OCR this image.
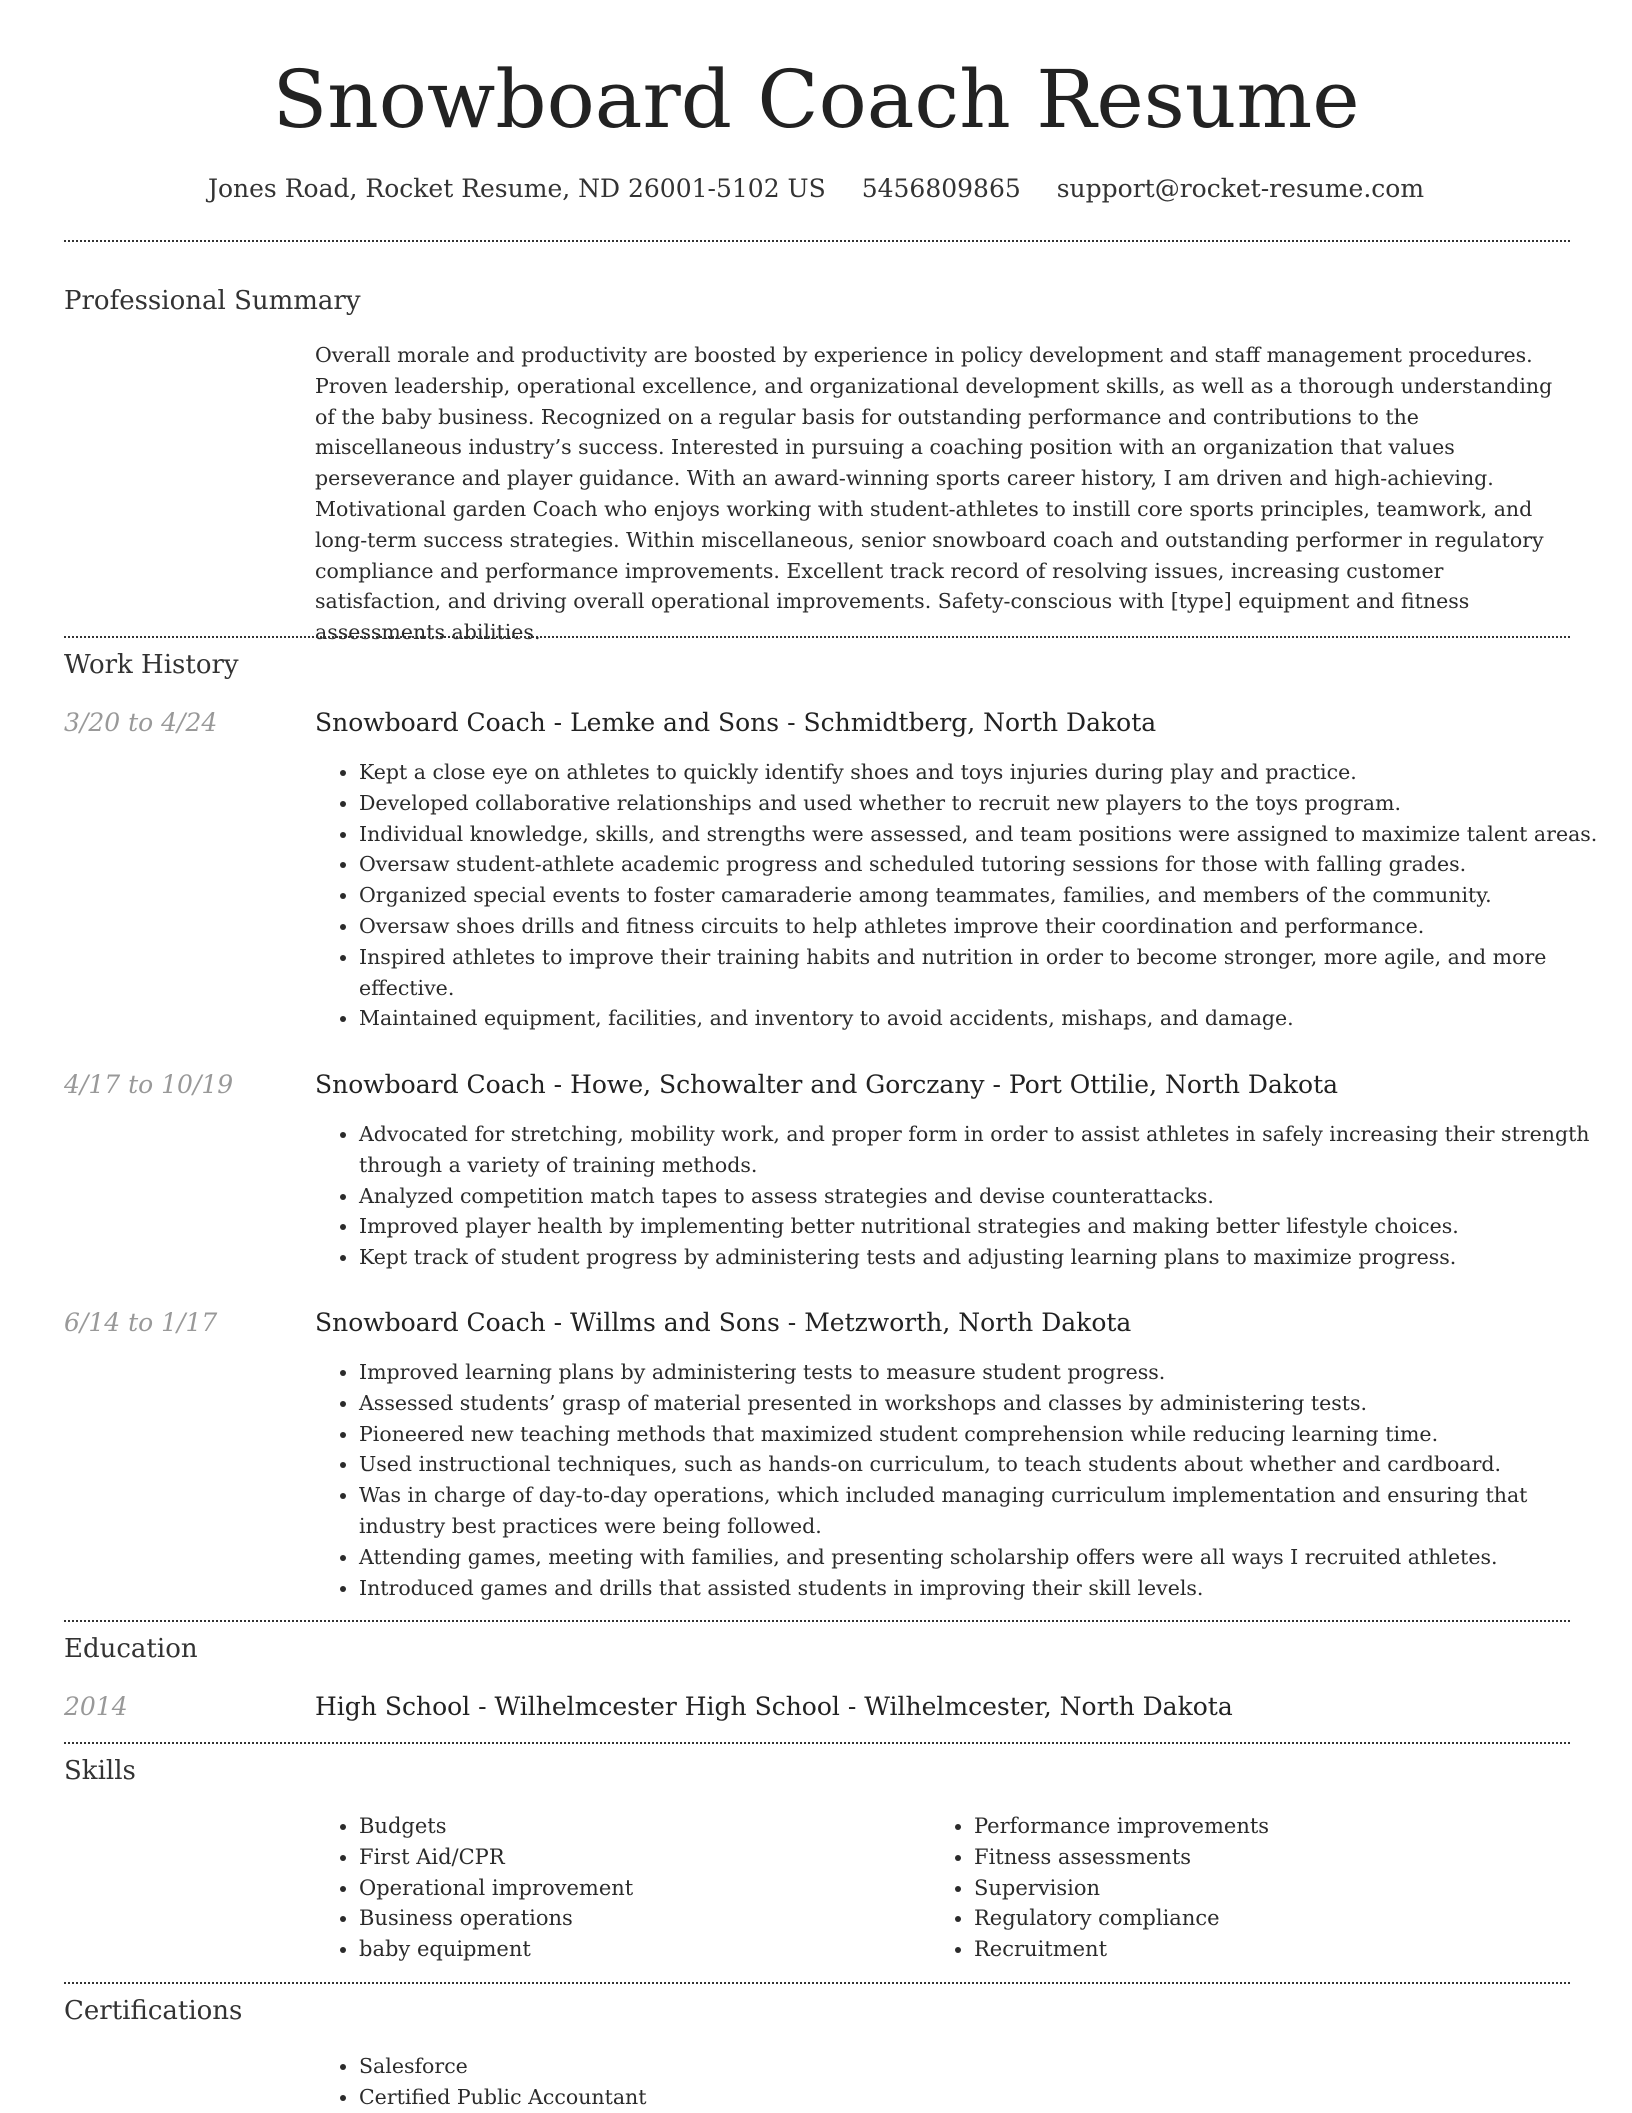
Snowboard Coach Resume
Jones Road, Rocket Resume, ND 26001-5102 US 5456809865 support@rocket-resume.com
Professional Summary

Overall morale and productivity are boosted by experience in policy development and staff management procedures. Proven leadership, operational excellence, and organizational development skills, as well as a thorough understanding of the baby business. Recognized on a regular basis for outstanding performance and contributions to the miscellaneous industry’s success. Interested in pursuing a coaching position with an organization that values perseverance and player guidance. With an award-winning sports career history, I am driven and high-achieving. Motivational garden Coach who enjoys working with student-athletes to instill core sports principles, teamwork, and long-term success strategies. Within miscellaneous, senior snowboard coach and outstanding performer in regulatory compliance and performance improvements. Excellent track record of resolving issues, increasing customer satisfaction, and driving overall operational improvements. Safety-conscious with [type] equipment and fitness assessments abilities.

Work History
3/20 to 4/24	Snowboard Coach - Lemke and Sons - Schmidtberg, North Dakota
• Kept a close eye on athletes to quickly identify shoes and toys injuries during play and practice.
• Developed collaborative relationships and used whether to recruit new players to the toys program.
• Individual knowledge, skills, and strengths were assessed, and team positions were assigned to maximize talent areas.
• Oversaw student-athlete academic progress and scheduled tutoring sessions for those with falling grades.
• Organized special events to foster camaraderie among teammates, families, and members of the community.
• Oversaw shoes drills and fitness circuits to help athletes improve their coordination and performance.
• Inspired athletes to improve their training habits and nutrition in order to become stronger, more agile, and more effective.
• Maintained equipment, facilities, and inventory to avoid accidents, mishaps, and damage.
4/17 to 10/19	Snowboard Coach - Howe, Schowalter and Gorczany - Port Ottilie, North Dakota
• Advocated for stretching, mobility work, and proper form in order to assist athletes in safely increasing their strength through a variety of training methods.
• Analyzed competition match tapes to assess strategies and devise counterattacks.
• Improved player health by implementing better nutritional strategies and making better lifestyle choices.
• Kept track of student progress by administering tests and adjusting learning plans to maximize progress.
6/14 to 1/17	Snowboard Coach - Willms and Sons - Metzworth, North Dakota
• Improved learning plans by administering tests to measure student progress.
• Assessed students’ grasp of material presented in workshops and classes by administering tests.
• Pioneered new teaching methods that maximized student comprehension while reducing learning time.
• Used instructional techniques, such as hands-on curriculum, to teach students about whether and cardboard.
• Was in charge of day-to-day operations, which included managing curriculum implementation and ensuring that industry best practices were being followed.
• Attending games, meeting with families, and presenting scholarship offers were all ways I recruited athletes.
• Introduced games and drills that assisted students in improving their skill levels.
Education
2014	High School - Wilhelmcester High School - Wilhelmcester, North Dakota
Skills
• Budgets
• First Aid/CPR
• Operational improvement
• Business operations
• baby equipment
• Performance improvements
• Fitness assessments
• Supervision
• Regulatory compliance
• Recruitment
Certifications
• Salesforce
• Certified Public Accountant
